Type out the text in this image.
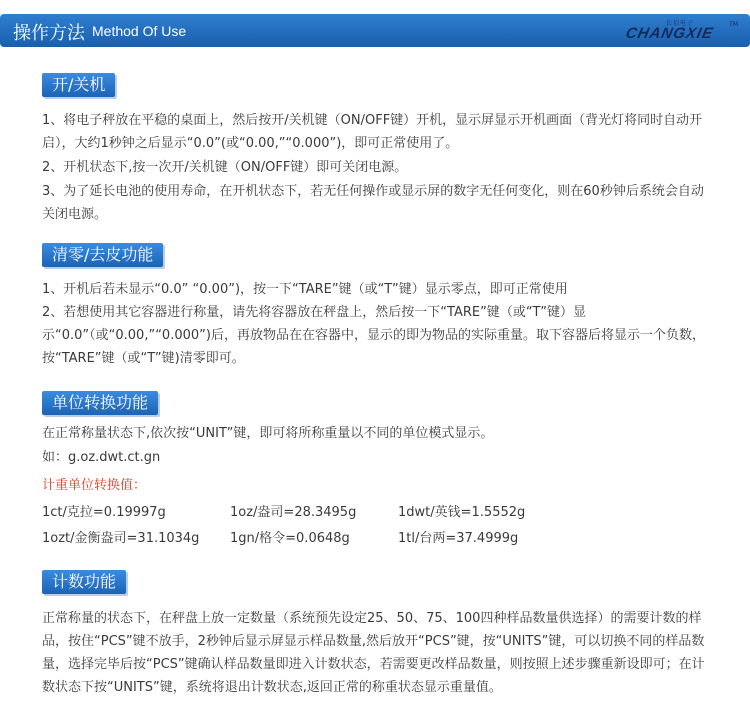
操作方法 Method Of Use	长佰电子
CHANGXIE
TM
开/关机

1、将电子秤放在平稳的桌面上，然后按开/关机键（ON/OFF键）开机，显示屏显示开机画面（背光灯将同时自动开启），大约1秒钟之后显示“0.0”(或“0.00,”“0.000”)，即可正常使用了。

2、开机状态下,按一次开/关机键（ON/OFF键）即可关闭电源。

3、为了延长电池的使用寿命，在开机状态下，若无任何操作或显示屏的数字无任何变化，则在60秒钟后系统会自动关闭电源。

清零/去皮功能

1、开机后若未显示“0.0” “0.00”)，按一下“TARE”键（或“T”键）显示零点，即可正常使用

2、若想使用其它容器进行称量，请先将容器放在秤盘上，然后按一下“TARE”键（或“T”键）显示“0.0”（或“0.00,”“0.000”)后，再放物品在在容器中，显示的即为物品的实际重量。取下容器后将显示一个负数，按“TARE”键（或“T”键)清零即可。

单位转换功能

在正常称量状态下,依次按“UNIT”键，即可将所称重量以不同的单位模式显示。

如：g.oz.dwt.ct.gn

计重单位转换值：

1ct/克拉=0.19997g	1oz/盎司=28.3495g	1dwt/英钱=1.5552g
1ozt/金衡盎司=31.1034g 1gn/格令=0.0648g	1tl/台两=37.4999g
计数功能

正常称量的状态下，在秤盘上放一定数量（系统预先设定25、50、75、100四种样品数量供选择）的需要计数的样品，按住“PCS”键不放手，2秒钟后显示屏显示样品数量,然后放开“PCS”键，按“UNITS”键，可以切换不同的样品数量，选择完毕后按“PCS”键确认样品数量即进入计数状态，若需要更改样品数量，则按照上述步骤重新设即可；在计数状态下按“UNITS”键，系统将退出计数状态,返回正常的称重状态显示重量值。
